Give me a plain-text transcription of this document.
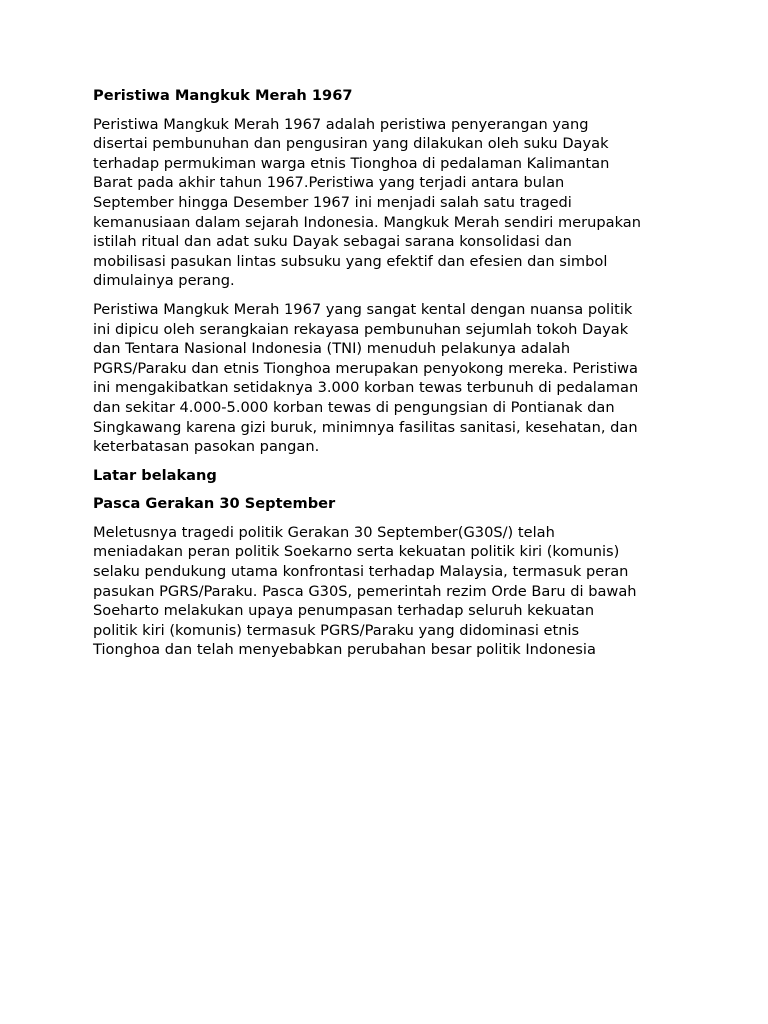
Peristiwa Mangkuk Merah 1967
Peristiwa Mangkuk Merah 1967 adalah peristiwa penyerangan yang
disertai pembunuhan dan pengusiran yang dilakukan oleh suku Dayak
terhadap permukiman warga etnis Tionghoa di pedalaman Kalimantan
Barat pada akhir tahun 1967.Peristiwa yang terjadi antara bulan
September hingga Desember 1967 ini menjadi salah satu tragedi
kemanusiaan dalam sejarah Indonesia. Mangkuk Merah sendiri merupakan
istilah ritual dan adat suku Dayak sebagai sarana konsolidasi dan
mobilisasi pasukan lintas subsuku yang efektif dan efesien dan simbol
dimulainya perang.
Peristiwa Mangkuk Merah 1967 yang sangat kental dengan nuansa politik
ini dipicu oleh serangkaian rekayasa pembunuhan sejumlah tokoh Dayak
dan Tentara Nasional Indonesia (TNI) menuduh pelakunya adalah
PGRS/Paraku dan etnis Tionghoa merupakan penyokong mereka. Peristiwa
ini mengakibatkan setidaknya 3.000 korban tewas terbunuh di pedalaman
dan sekitar 4.000-5.000 korban tewas di pengungsian di Pontianak dan
Singkawang karena gizi buruk, minimnya fasilitas sanitasi, kesehatan, dan
keterbatasan pasokan pangan.
Latar belakang
Pasca Gerakan 30 September
Meletusnya tragedi politik Gerakan 30 September(G30S/) telah
meniadakan peran politik Soekarno serta kekuatan politik kiri (komunis)
selaku pendukung utama konfrontasi terhadap Malaysia, termasuk peran
pasukan PGRS/Paraku. Pasca G30S, pemerintah rezim Orde Baru di bawah
Soeharto melakukan upaya penumpasan terhadap seluruh kekuatan
politik kiri (komunis) termasuk PGRS/Paraku yang didominasi etnis
Tionghoa dan telah menyebabkan perubahan besar politik Indonesia
